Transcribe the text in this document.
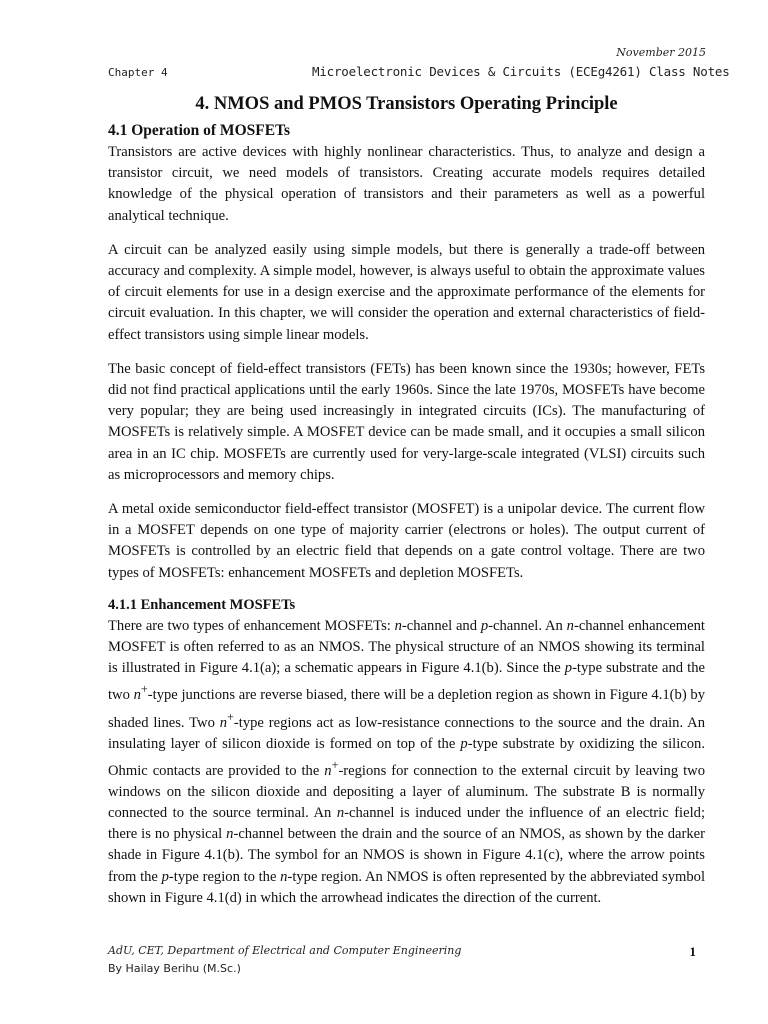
November 2015
Chapter 4	Microelectronic Devices & Circuits (ECEg4261) Class Notes
4. NMOS and PMOS Transistors Operating Principle
4.1 Operation of MOSFETs

Transistors are active devices with highly nonlinear characteristics. Thus, to analyze and design a transistor circuit, we need models of transistors. Creating accurate models requires detailed knowledge of the physical operation of transistors and their parameters as well as a powerful analytical technique.

A circuit can be analyzed easily using simple models, but there is generally a trade-off between accuracy and complexity. A simple model, however, is always useful to obtain the approximate values of circuit elements for use in a design exercise and the approximate performance of the elements for circuit evaluation. In this chapter, we will consider the operation and external characteristics of field-effect transistors using simple linear models.

The basic concept of field-effect transistors (FETs) has been known since the 1930s; however, FETs did not find practical applications until the early 1960s. Since the late 1970s, MOSFETs have become very popular; they are being used increasingly in integrated circuits (ICs). The manufacturing of MOSFETs is relatively simple. A MOSFET device can be made small, and it occupies a small silicon area in an IC chip. MOSFETs are currently used for very-large-scale integrated (VLSI) circuits such as microprocessors and memory chips.

A metal oxide semiconductor field-effect transistor (MOSFET) is a unipolar device. The current flow in a MOSFET depends on one type of majority carrier (electrons or holes). The output current of MOSFETs is controlled by an electric field that depends on a gate control voltage. There are two types of MOSFETs: enhancement MOSFETs and depletion MOSFETs.

4.1.1 Enhancement MOSFETs

There are two types of enhancement MOSFETs: n-channel and p-channel. An n-channel enhancement MOSFET is often referred to as an NMOS. The physical structure of an NMOS showing its terminal is illustrated in Figure 4.1(a); a schematic appears in Figure 4.1(b). Since the p-type substrate and the two n+-type junctions are reverse biased, there will be a depletion region as shown in Figure 4.1(b) by shaded lines. Two n+-type regions act as low-resistance connections to the source and the drain. An insulating layer of silicon dioxide is formed on top of the p-type substrate by oxidizing the silicon. Ohmic contacts are provided to the n+-regions for connection to the external circuit by leaving two windows on the silicon dioxide and depositing a layer of aluminum. The substrate B is normally connected to the source terminal. An n-channel is induced under the influence of an electric field; there is no physical n-channel between the drain and the source of an NMOS, as shown by the darker shade in Figure 4.1(b). The symbol for an NMOS is shown in Figure 4.1(c), where the arrow points from the p-type region to the n-type region. An NMOS is often represented by the abbreviated symbol shown in Figure 4.1(d) in which the arrowhead indicates the direction of the current.

AdU, CET, Department of Electrical and Computer Engineering
By Hailay Berihu (M.Sc.)
1
